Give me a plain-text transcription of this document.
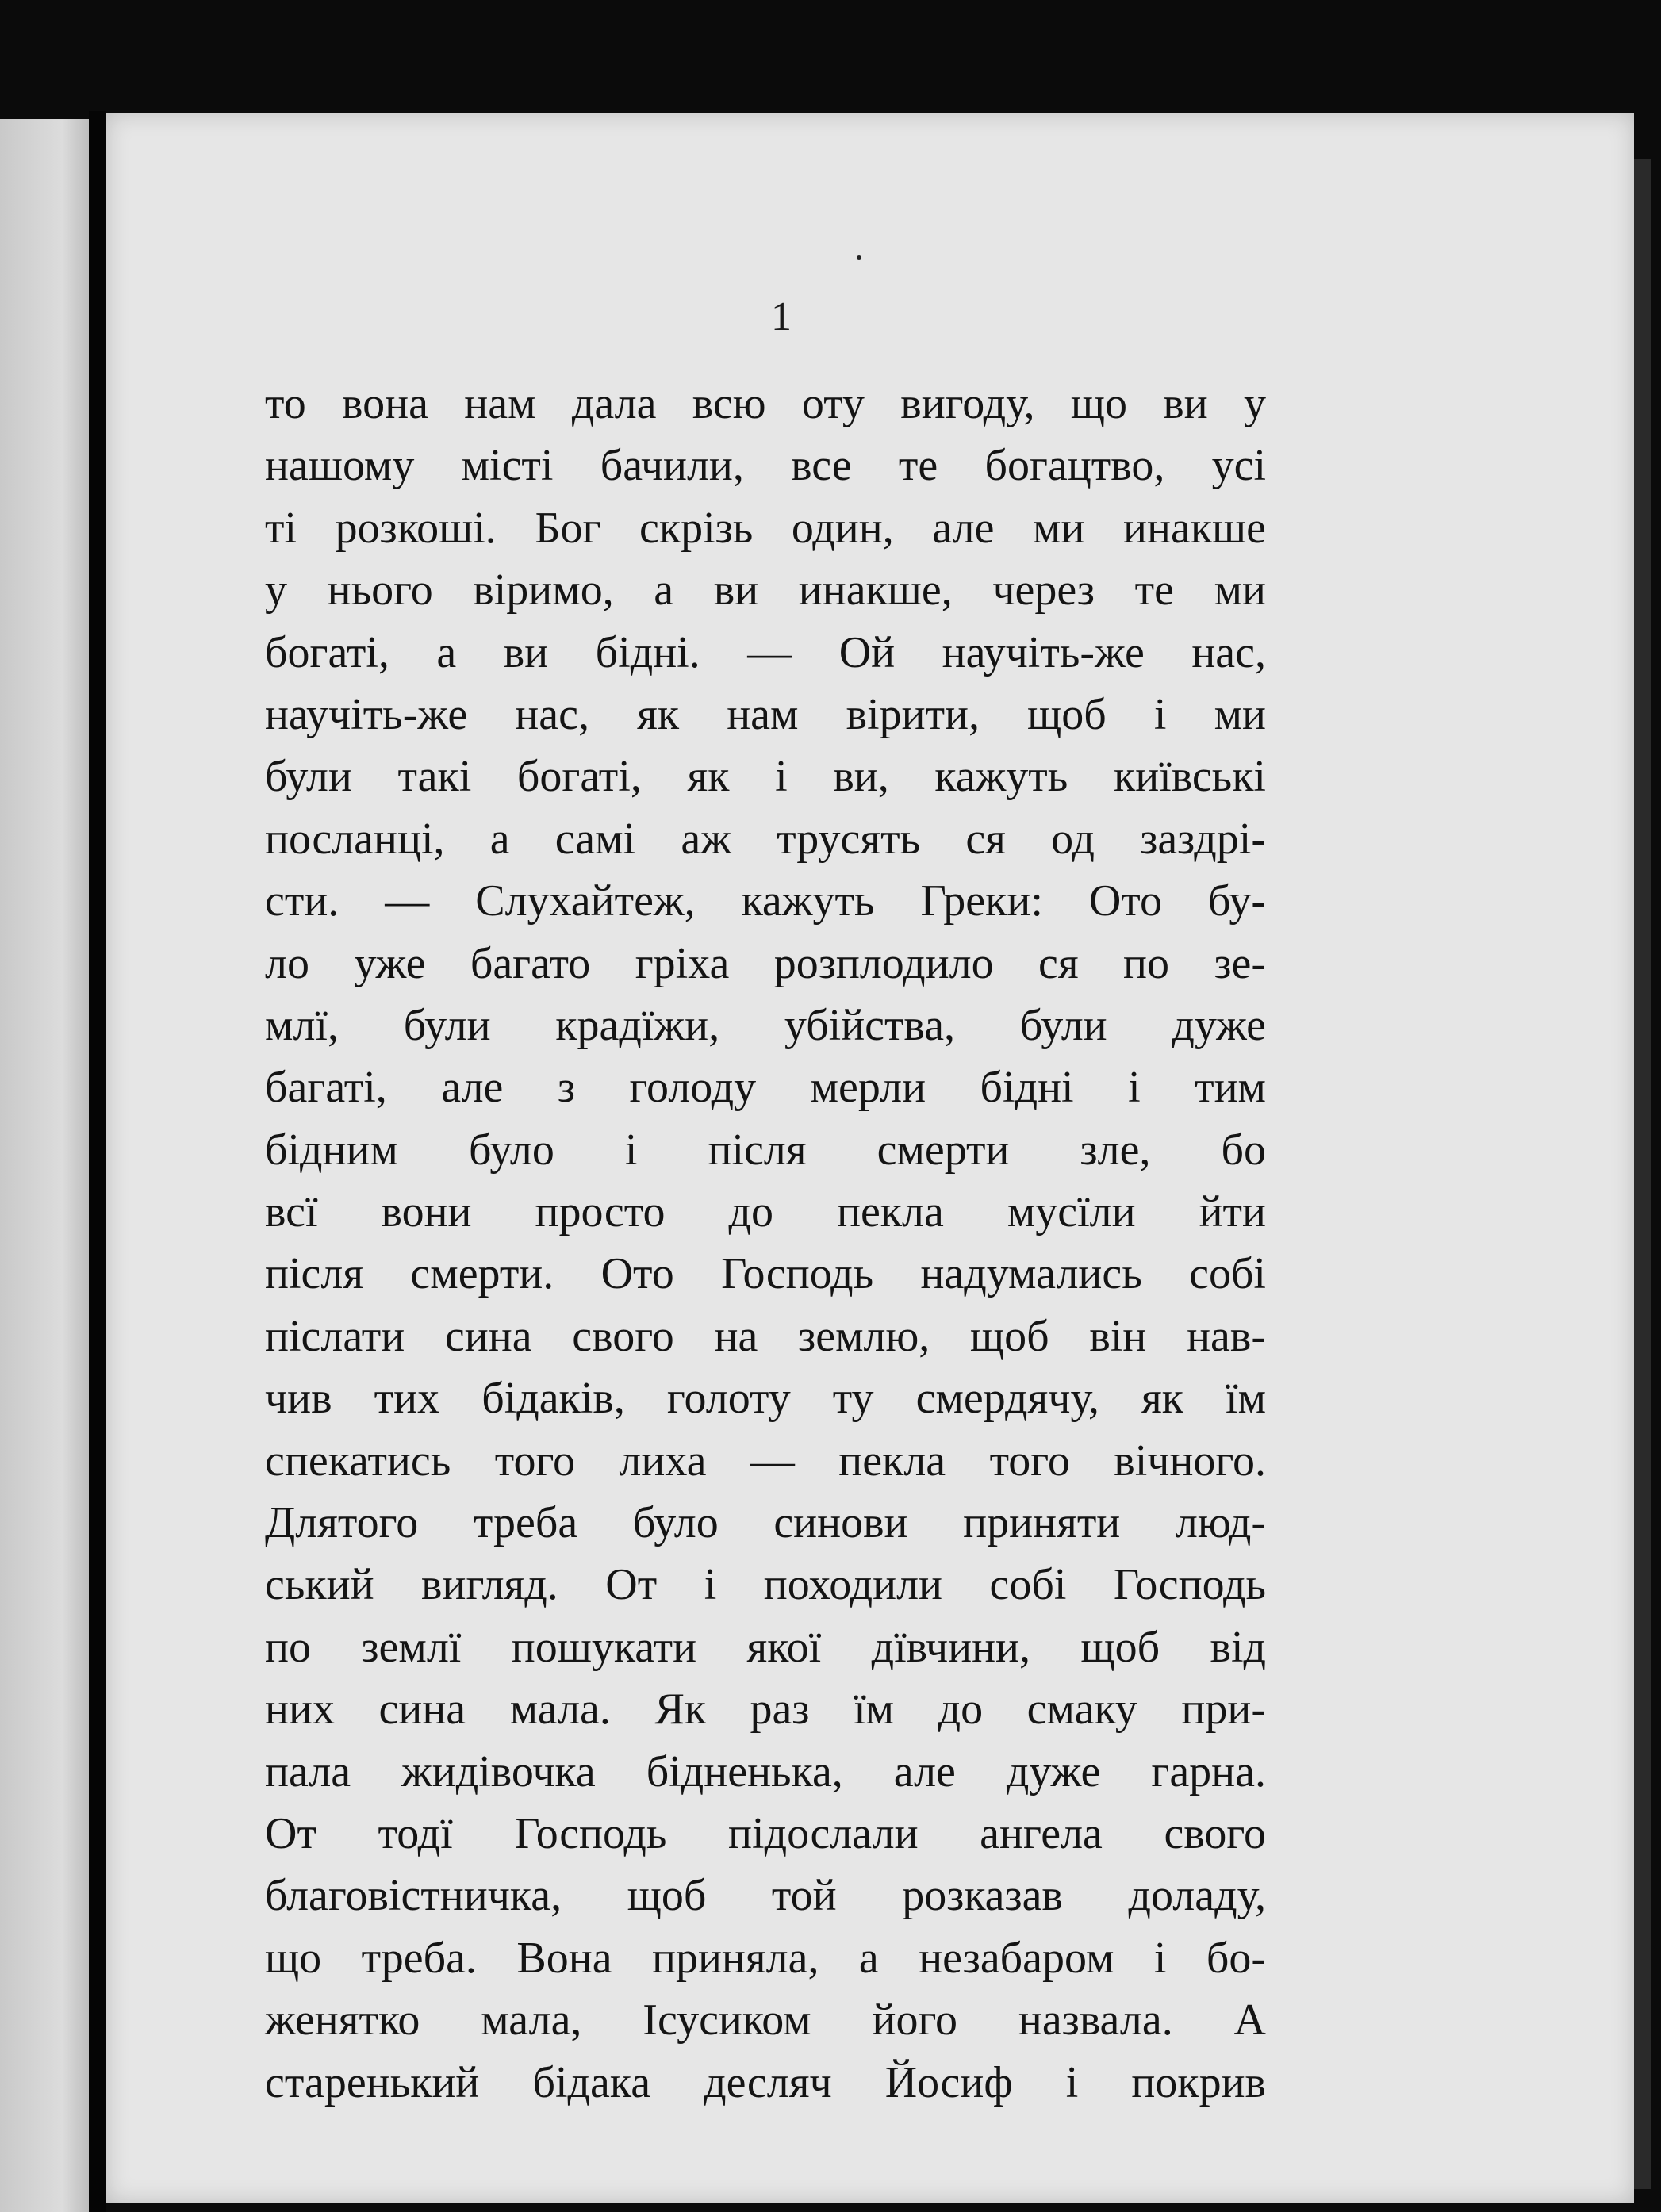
1
то вона нам дала всю оту вигоду, що ви у
нашому місті бачили, все те богацтво, усі
ті розкоші. Бог скрізь один, але ми инакше
у нього віримо, а ви инакше, через те ми
богаті, а ви бідні. — Ой научіть-же нас,
научіть-же нас, як нам вірити, щоб і ми
були такі богаті, як і ви, кажуть київські
посланці, а самі аж трусять ся од заздрі-
сти. — Слухайтеж, кажуть Греки: Ото бу-
ло уже багато гріха розплодило ся по зе-
млї, були крадїжи, убійства, були дуже
багаті, але з голоду мерли бідні і тим
бідним було і після смерти зле, бо
всї вони просто до пекла мусїли йти
після смерти. Ото Господь надумались собі
післати сина свого на землю, щоб він нав-
чив тих бідаків, голоту ту смердячу, як їм
спекатись того лиха — пекла того вічного.
Длятого треба було синови приняти люд-
ський вигляд. От і походили собі Господь
по землї пошукати якої дївчини, щоб від
них сина мала. Як раз їм до смаку при-
пала жидівочка бідненька, але дуже гарна.
От тодї Господь підослали ангела свого
благовістничка, щоб той розказав доладу,
що треба. Вона приняла, а незабаром і бо-
женятко мала, Ісусиком його назвала. А
старенький бідака десляч Йосиф і покрив
